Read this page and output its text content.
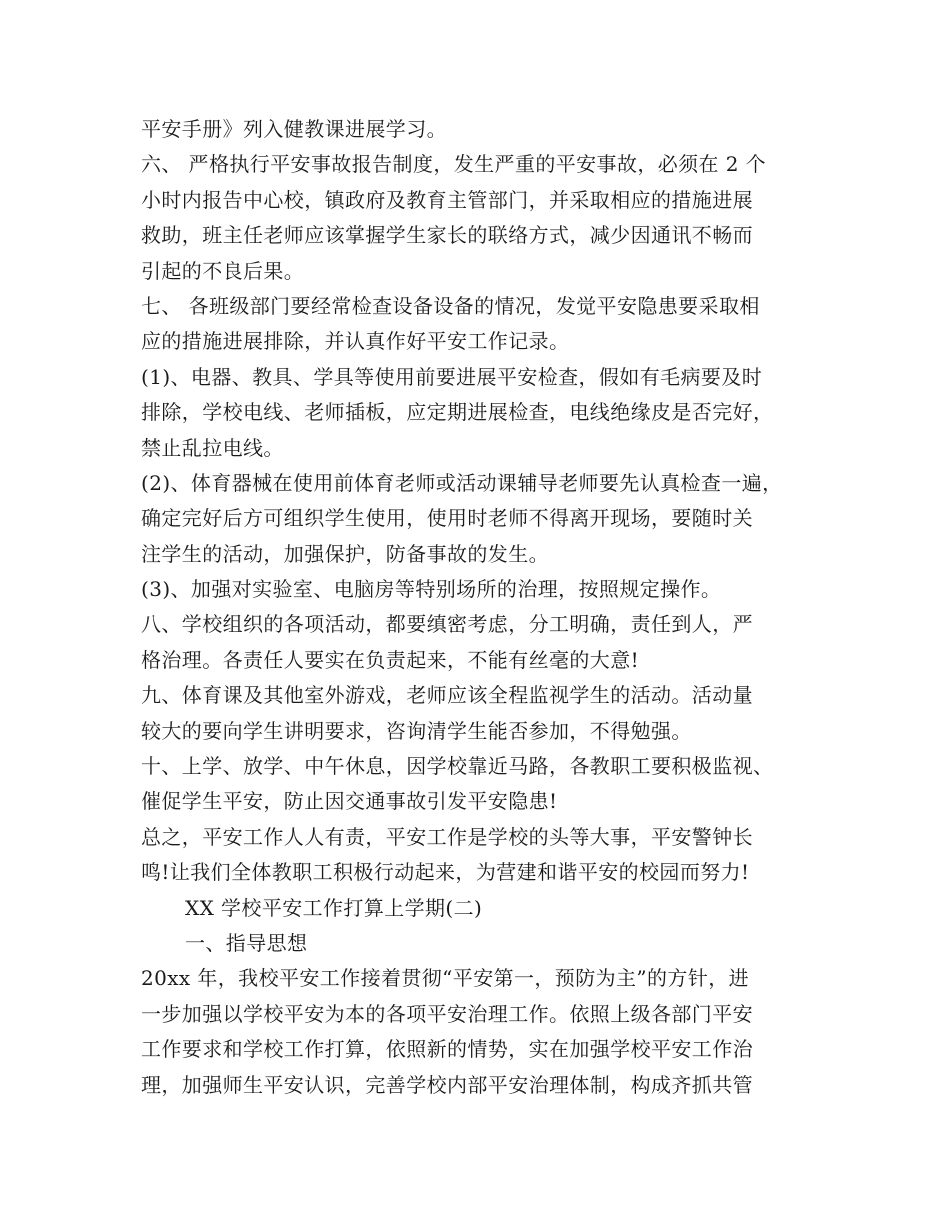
平安手册》列入健教课进展学习。
六、 严格执行平安事故报告制度，发生严重的平安事故，必须在 2 个
小时内报告中心校，镇政府及教育主管部门，并采取相应的措施进展
救助，班主任老师应该掌握学生家长的联络方式，减少因通讯不畅而
引起的不良后果。
七、 各班级部门要经常检查设备设备的情况，发觉平安隐患要采取相
应的措施进展排除，并认真作好平安工作记录。
(1)、电器、教具、学具等使用前要进展平安检查，假如有毛病要及时
排除，学校电线、老师插板，应定期进展检查，电线绝缘皮是否完好，
禁止乱拉电线。
(2)、体育器械在使用前体育老师或活动课辅导老师要先认真检查一遍，
确定完好后方可组织学生使用，使用时老师不得离开现场，要随时关
注学生的活动，加强保护，防备事故的发生。
(3)、加强对实验室、电脑房等特别场所的治理，按照规定操作。
八、学校组织的各项活动，都要缜密考虑，分工明确，责任到人，严
格治理。各责任人要实在负责起来，不能有丝毫的大意!
九、体育课及其他室外游戏，老师应该全程监视学生的活动。活动量
较大的要向学生讲明要求，咨询清学生能否参加，不得勉强。
十、上学、放学、中午休息，因学校靠近马路，各教职工要积极监视、
催促学生平安，防止因交通事故引发平安隐患!
总之，平安工作人人有责，平安工作是学校的头等大事，平安警钟长
鸣!让我们全体教职工积极行动起来，为营建和谐平安的校园而努力!
XX 学校平安工作打算上学期(二)
一、指导思想
20xx 年，我校平安工作接着贯彻“平安第一，预防为主”的方针，进
一步加强以学校平安为本的各项平安治理工作。依照上级各部门平安
工作要求和学校工作打算，依照新的情势，实在加强学校平安工作治
理，加强师生平安认识，完善学校内部平安治理体制，构成齐抓共管
